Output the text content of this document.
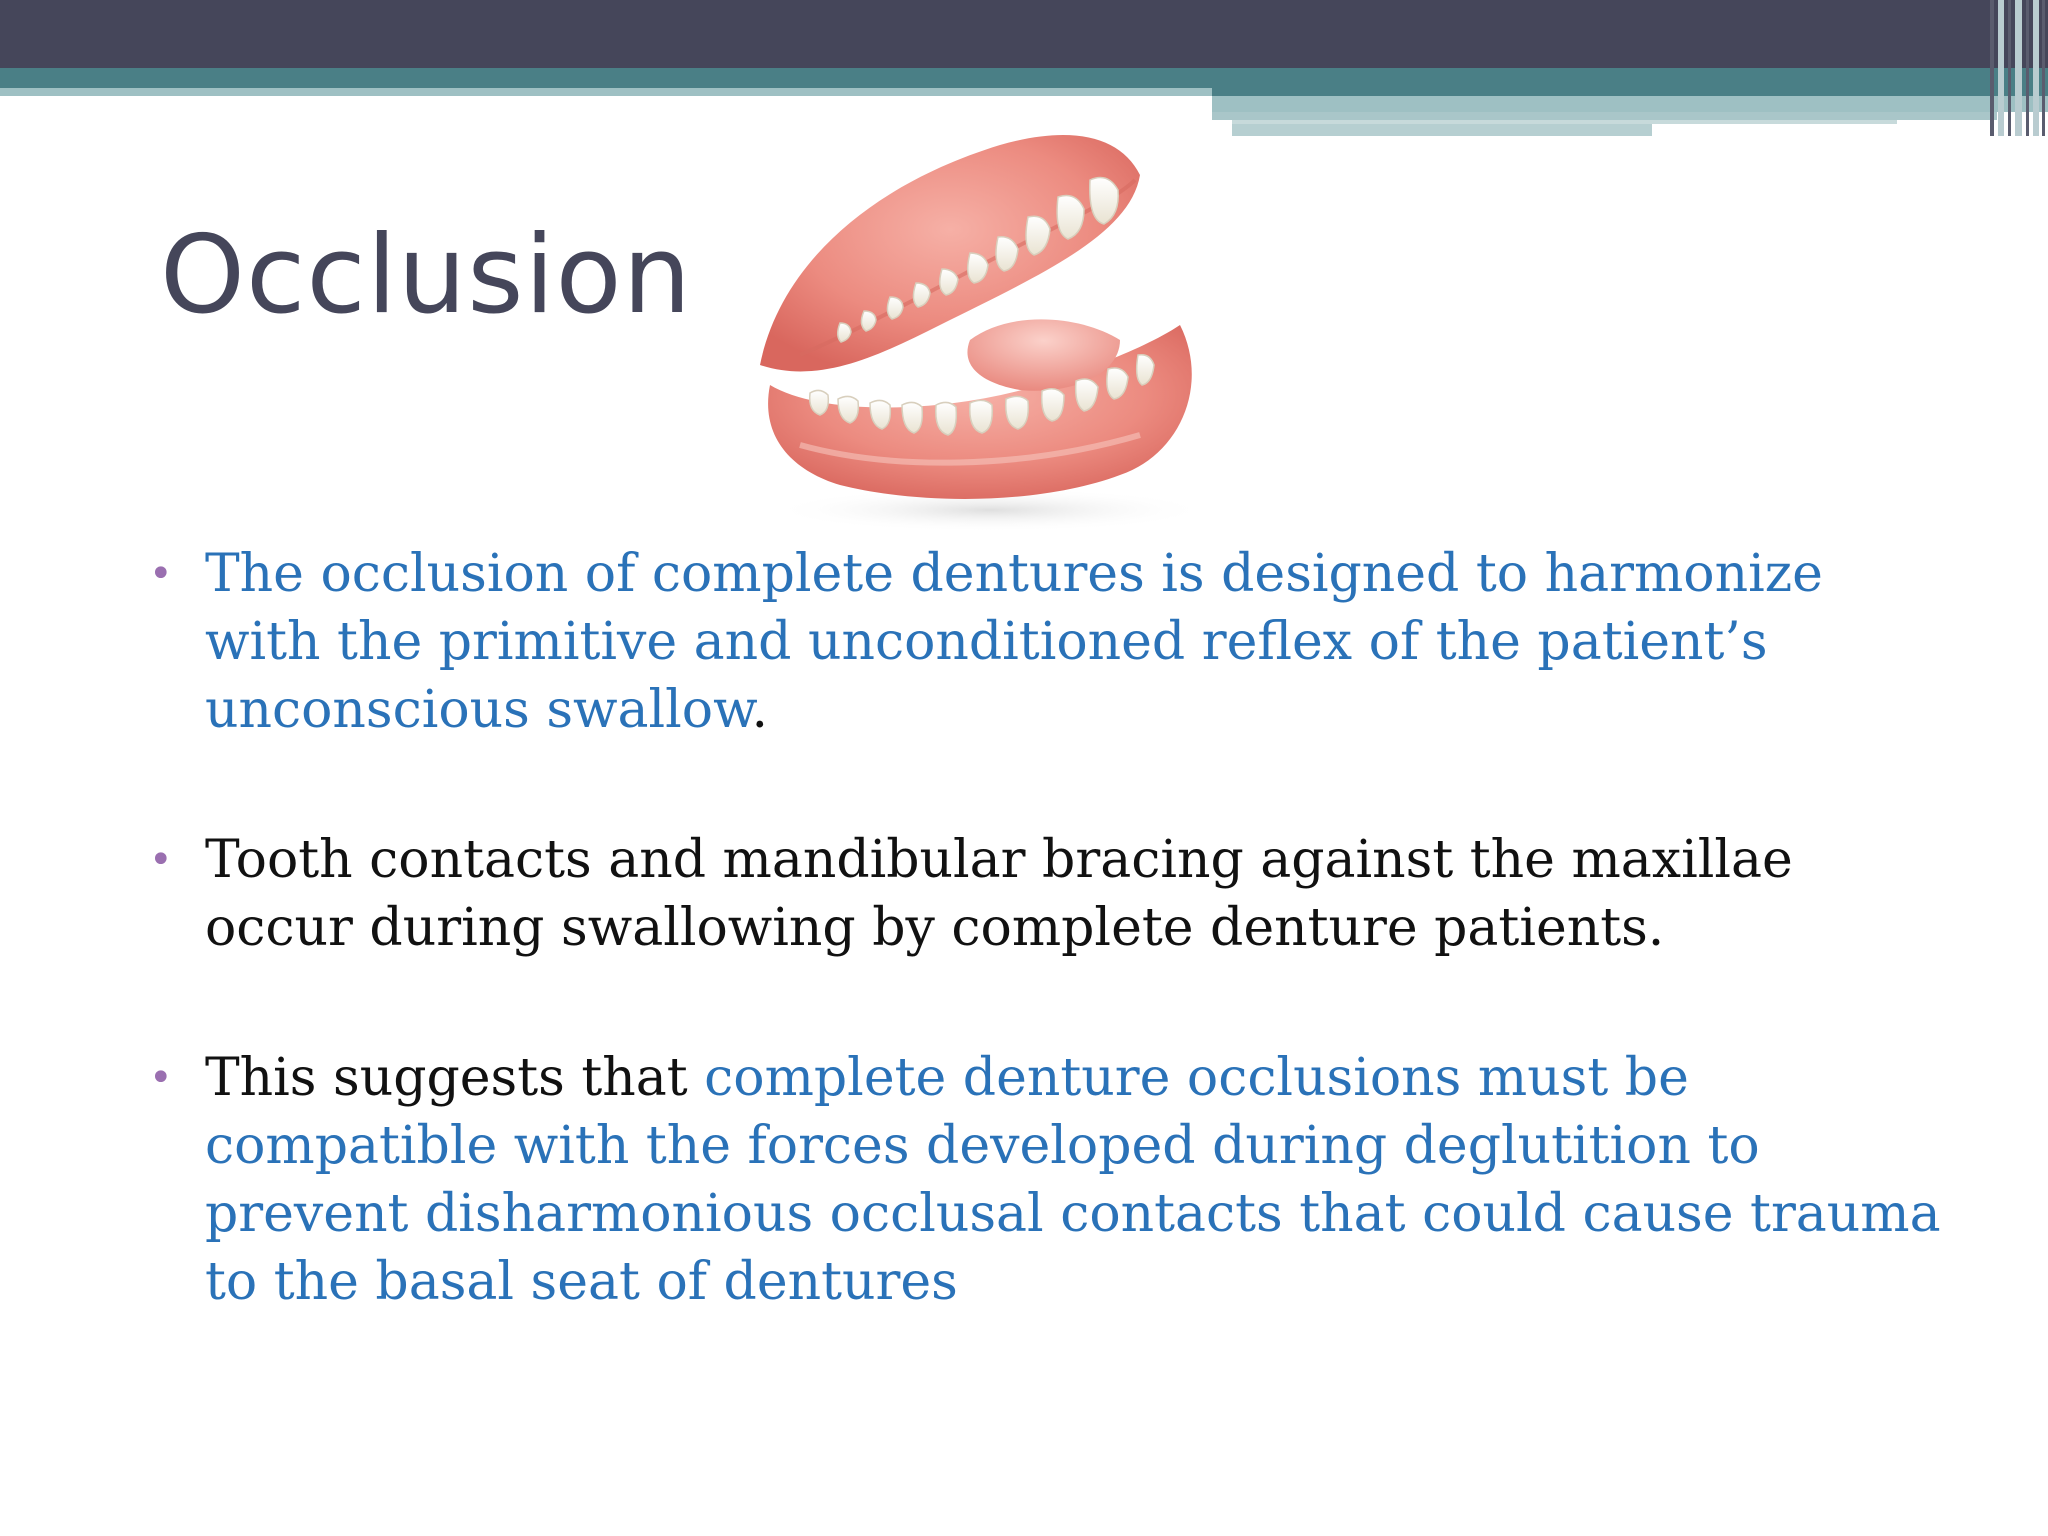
Occlusion
• The occlusion of complete dentures is designed to harmonize with the primitive and unconditioned reflex of the patient’s unconscious swallow.
• Tooth contacts and mandibular bracing against the maxillae occur during swallowing by complete denture patients.
• This suggests that complete denture occlusions must be compatible with the forces developed during deglutition to prevent disharmonious occlusal contacts that could cause trauma to the basal seat of dentures
